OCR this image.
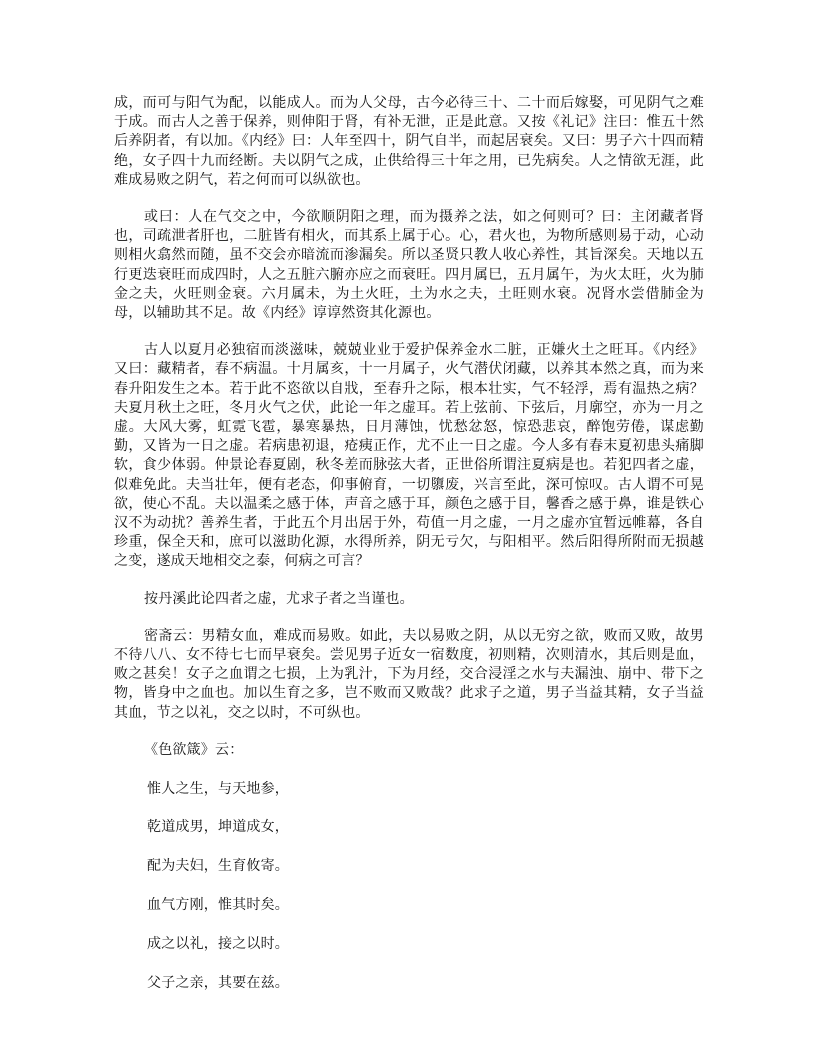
成，而可与阳气为配，以能成人。而为人父母，古今必待三十、二十而后嫁娶，可见阴气之难于成。而古人之善于保养，则伸阳于肾，有补无泄，正是此意。又按《礼记》注曰：惟五十然后养阴者，有以加。《内经》曰：人年至四十，阴气自半，而起居衰矣。又曰：男子六十四而精绝，女子四十九而经断。夫以阴气之成，止供给得三十年之用，已先病矣。人之情欲无涯，此难成易败之阴气，若之何而可以纵欲也。

或曰：人在气交之中，今欲顺阴阳之理，而为摄养之法，如之何则可？曰：主闭藏者肾也，司疏泄者肝也，二脏皆有相火，而其系上属于心。心，君火也，为物所感则易于动，心动则相火翕然而随，虽不交会亦暗流而渗漏矣。所以圣贤只教人收心养性，其旨深矣。天地以五行更迭衰旺而成四时，人之五脏六腑亦应之而衰旺。四月属巳，五月属午，为火太旺，火为肺金之夫，火旺则金衰。六月属未，为土火旺，土为水之夫，土旺则水衰。况肾水尝借肺金为母，以辅助其不足。故《内经》谆谆然资其化源也。

古人以夏月必独宿而淡滋味，兢兢业业于爱护保养金水二脏，正嫌火土之旺耳。《内经》又曰：藏精者，春不病温。十月属亥，十一月属子，火气潜伏闭藏，以养其本然之真，而为来春升阳发生之本。若于此不恣欲以自戕，至春升之际，根本壮实，气不轻浮，焉有温热之病？夫夏月秋土之旺，冬月火气之伏，此论一年之虚耳。若上弦前、下弦后，月廓空，亦为一月之虚。大风大雾，虹霓飞雹，暴寒暴热，日月薄蚀，忧愁忿怒，惊恐悲哀，醉饱劳倦，谋虑勤勤，又皆为一日之虚。若病患初退，疮痍正作，尤不止一日之虚。今人多有春末夏初患头痛脚软，食少体弱。仲景论春夏剧，秋冬差而脉弦大者，正世俗所谓注夏病是也。若犯四者之虚，似难免此。夫当壮年，便有老态，仰事俯育，一切隳废，兴言至此，深可惊叹。古人谓不可晃欲，使心不乱。夫以温柔之感于体，声音之感于耳，颜色之感于目，馨香之感于鼻，谁是铁心汉不为动扰？善养生者，于此五个月出居于外，苟值一月之虚，一月之虚亦宜暂远帷幕，各自珍重，保全天和，庶可以滋助化源，水得所养，阴无亏欠，与阳相平。然后阳得所附而无损越之变，遂成天地相交之泰，何病之可言？

按丹溪此论四者之虚，尤求子者之当谨也。

密斋云：男精女血，难成而易败。如此，夫以易败之阴，从以无穷之欲，败而又败，故男不待八八、女不待七七而早衰矣。尝见男子近女一宿数度，初则精，次则清水，其后则是血，败之甚矣！女子之血谓之七损，上为乳汁，下为月经，交合浸淫之水与夫漏浊、崩中、带下之物，皆身中之血也。加以生育之多，岂不败而又败哉？此求子之道，男子当益其精，女子当益其血，节之以礼，交之以时，不可纵也。

《色欲箴》云：

惟人之生，与天地参，

乾道成男，坤道成女，

配为夫妇，生育攸寄。

血气方刚，惟其时矣。

成之以礼，接之以时。

父子之亲，其要在兹。
